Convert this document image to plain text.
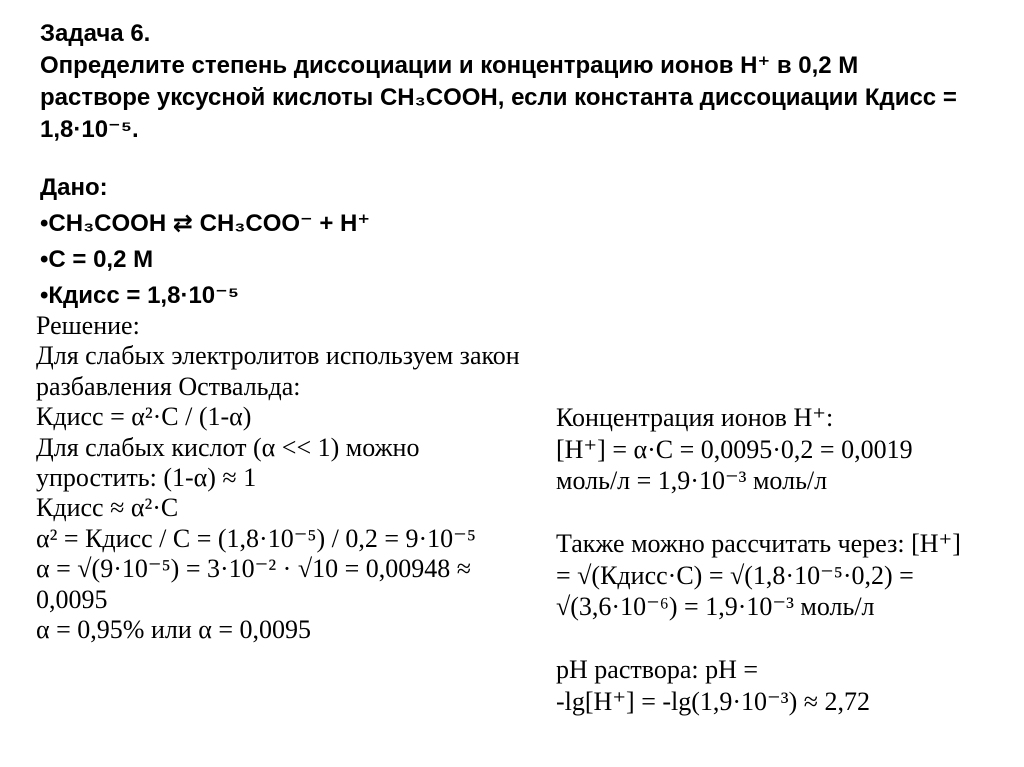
Задача 6.
Определите степень диссоциации и концентрацию ионов H⁺ в 0,2 М
растворе уксусной кислоты CH₃COOH, если константа диссоциации Кдисс =
1,8·10⁻⁵.
Дано:
•CH₃COOH ⇄ CH₃COO⁻ + H⁺
•C = 0,2 M
•Кдисс = 1,8·10⁻⁵
Решение:
Для слабых электролитов используем закон
разбавления Оствальда:
Кдисс = α²·C / (1-α)
Для слабых кислот (α << 1) можно
упростить: (1-α) ≈ 1
Кдисс ≈ α²·C
α² = Кдисс / C = (1,8·10⁻⁵) / 0,2 = 9·10⁻⁵
α = √(9·10⁻⁵) = 3·10⁻² · √10 = 0,00948 ≈
0,0095
α = 0,95% или α = 0,0095
Концентрация ионов H⁺:
[H⁺] = α·C = 0,0095·0,2 = 0,0019
моль/л = 1,9·10⁻³ моль/л
Также можно рассчитать через: [H⁺]
= √(Кдисс·C) = √(1,8·10⁻⁵·0,2) =
√(3,6·10⁻⁶) = 1,9·10⁻³ моль/л
pH раствора: pH =
-lg[H⁺] = -lg(1,9·10⁻³) ≈ 2,72
